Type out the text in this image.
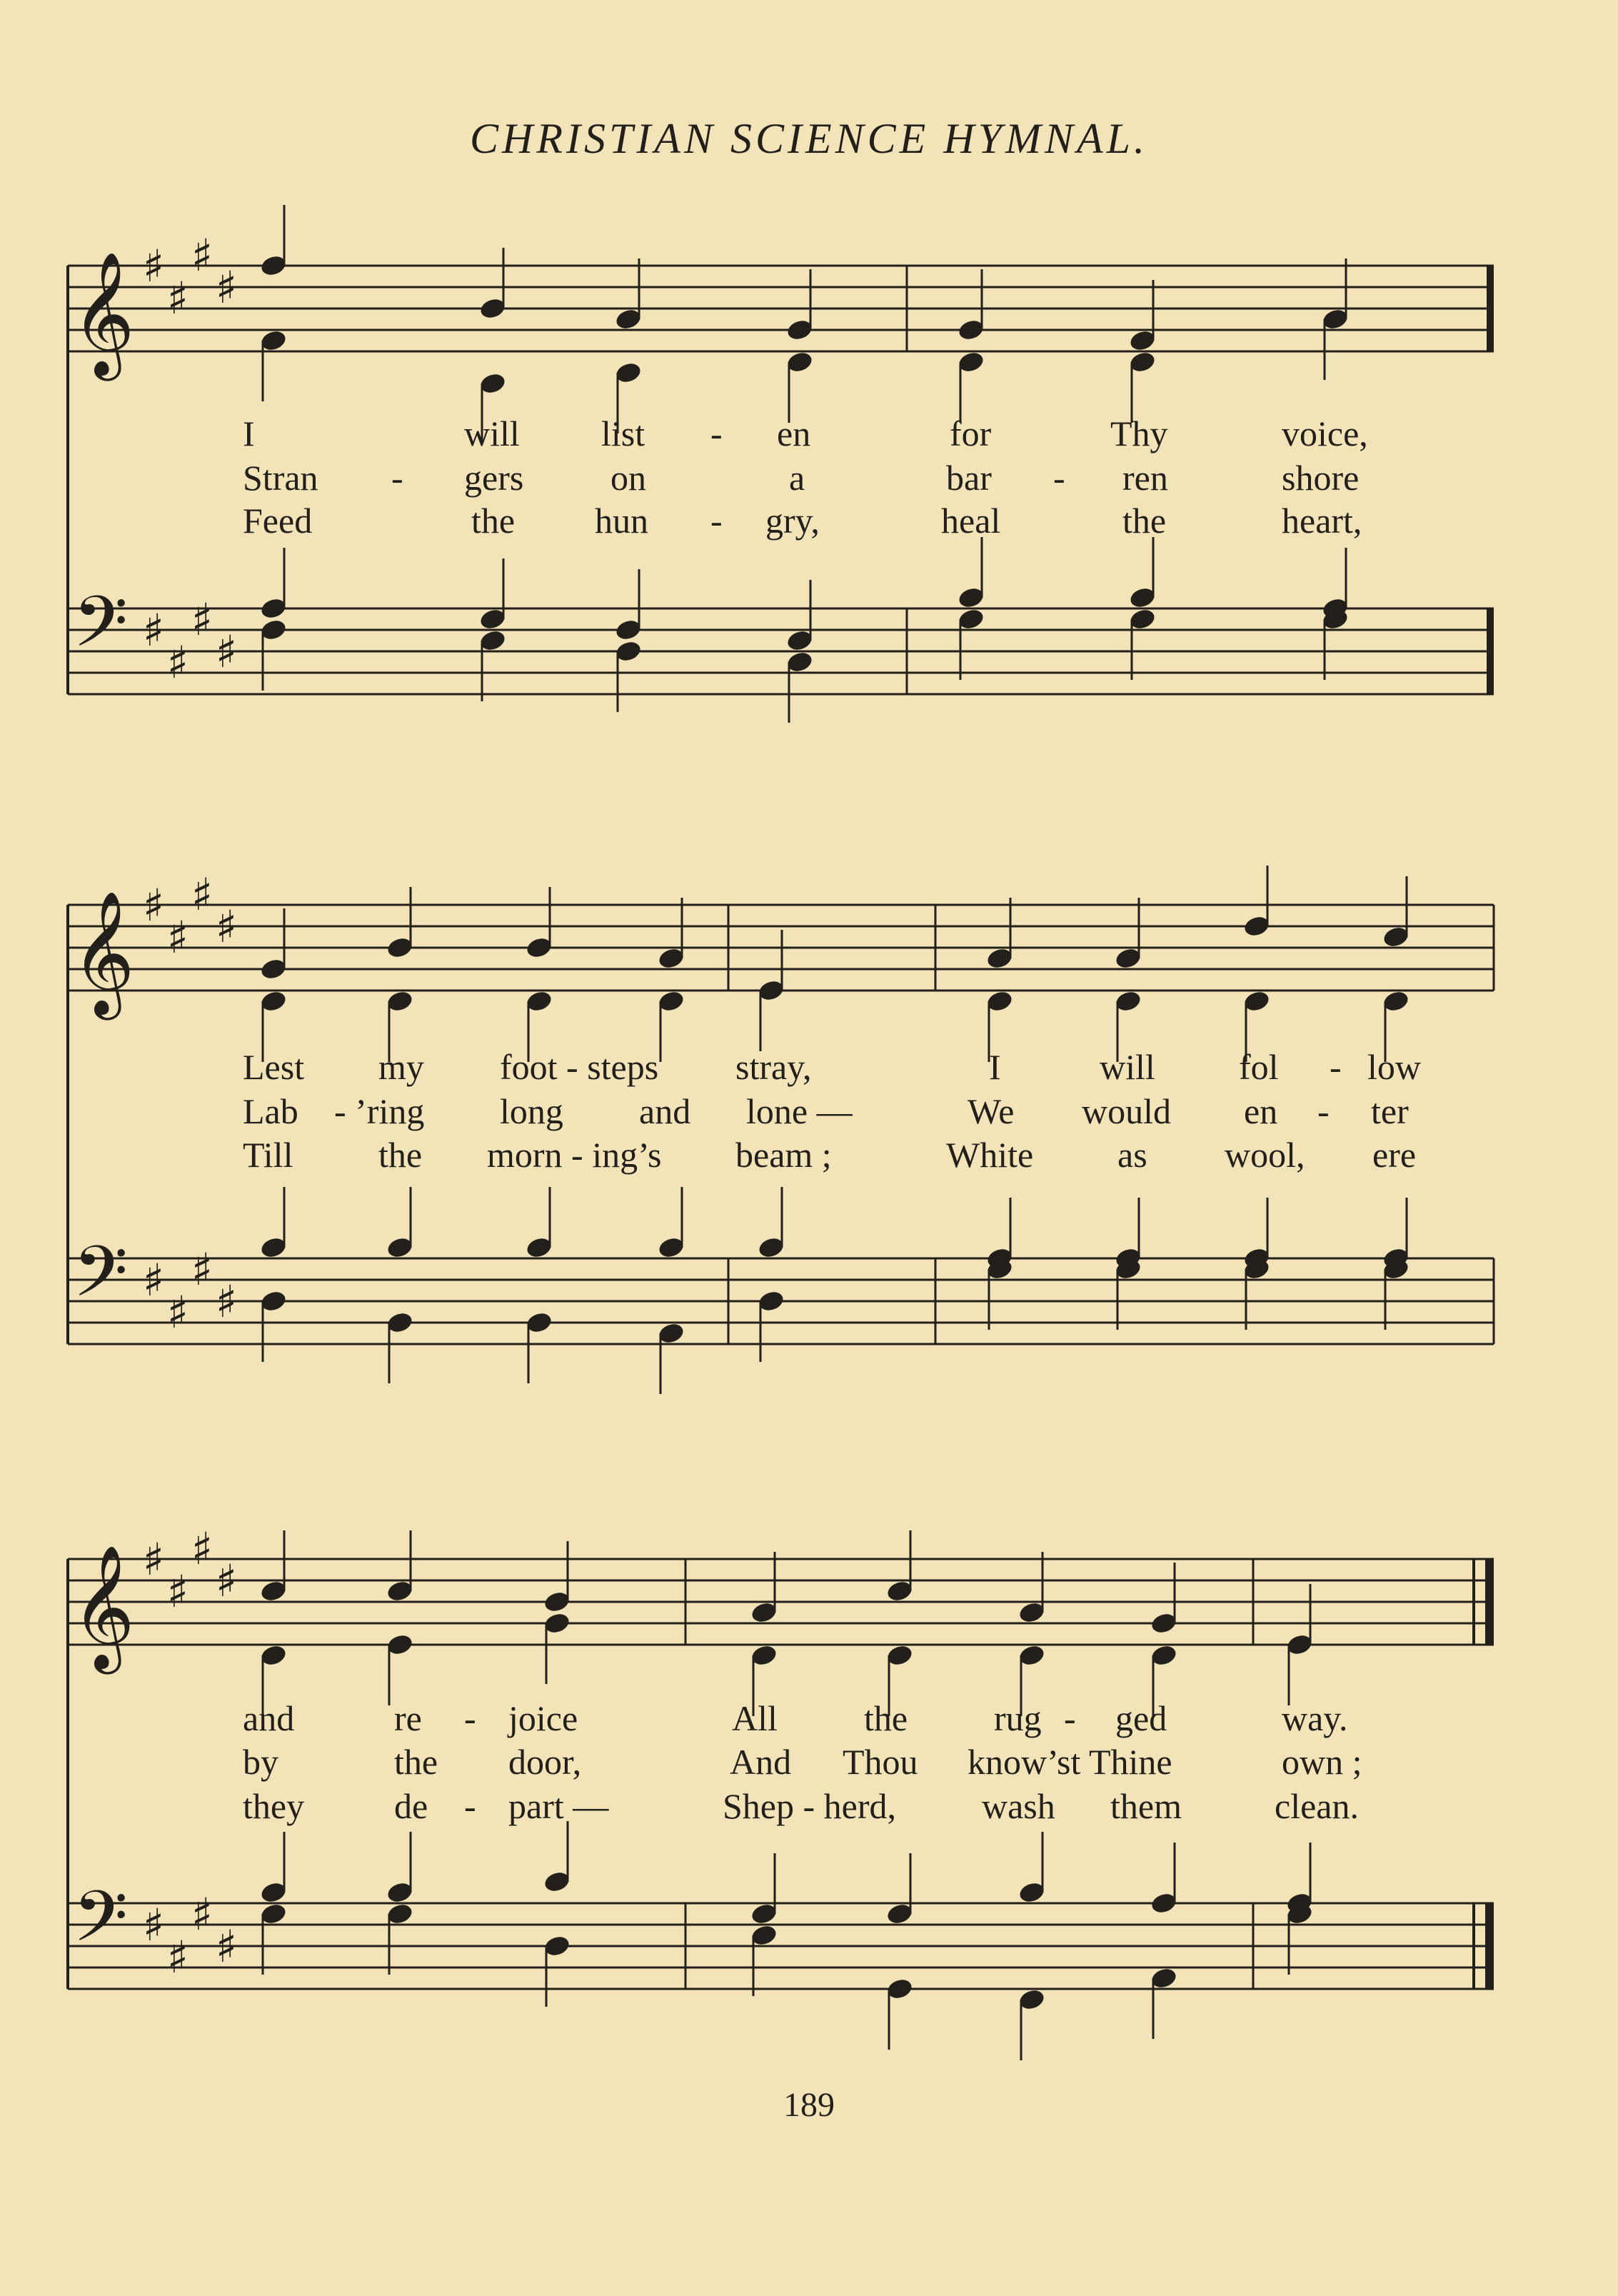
CHRISTIAN SCIENCE HYMNAL.
𝄞 ♯
♯
♯
♯
𝄢 ♯
♯
♯
♯
I	will list - en	for	Thy	voice,
Stran - gers on	a	bar - ren	shore
Feed	the hun - gry,	heal	the	heart,
𝄞 ♯
♯
♯
♯
𝄢 ♯
♯
♯
♯
Lest my foot - steps stray,	I	will fol - low
Lab - ’ring long and lone —	We would en - ter
Till the morn - ing’s beam ;	White as wool, ere
𝄞 ♯
♯
♯
♯
𝄢 ♯
♯
♯
♯
and	re - joice	All the rug - ged	way.
by	the door,	And Thou know’st Thine	own ;
they	de - part —	Shep - herd, wash them	clean.
189
